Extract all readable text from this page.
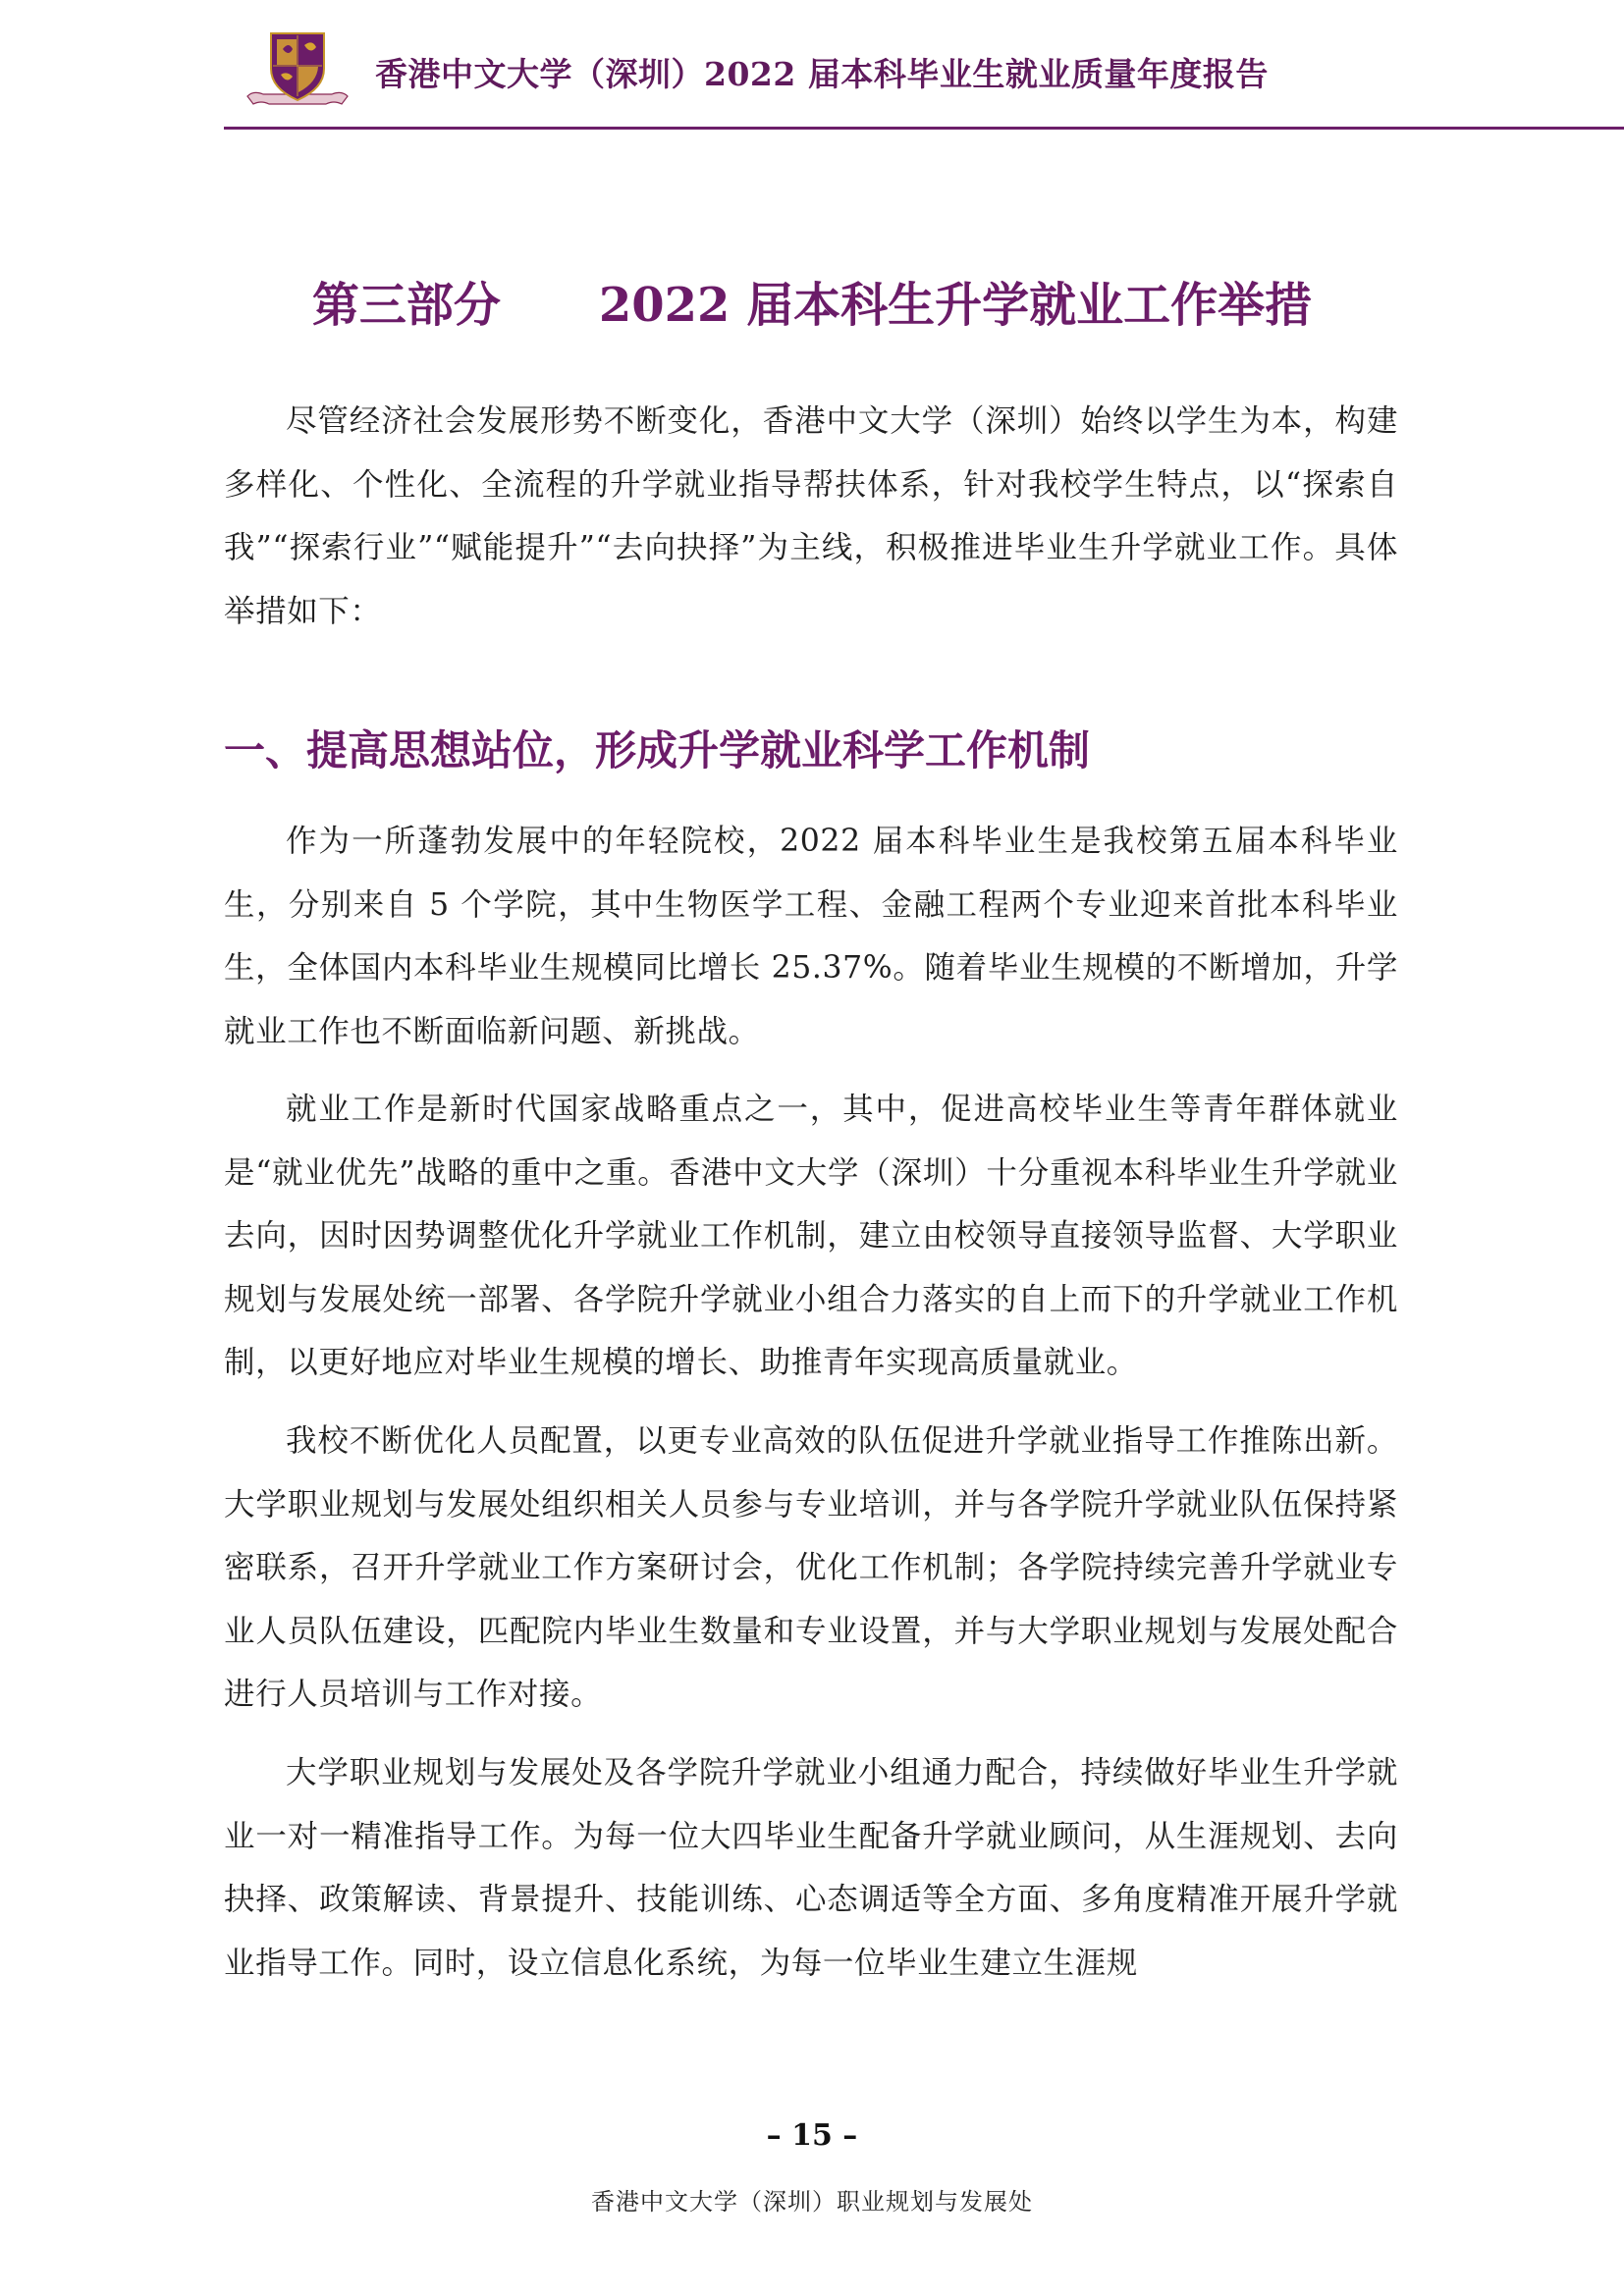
香港中文大学（深圳）2022 届本科毕业生就业质量年度报告
第三部分 2022 届本科生升学就业工作举措

尽管经济社会发展形势不断变化，香港中文大学（深圳）始终以学生为本，构建多样化、个性化、全流程的升学就业指导帮扶体系，针对我校学生特点，以“探索自我”“探索行业”“赋能提升”“去向抉择”为主线，积极推进毕业生升学就业工作。具体举措如下：

一、提高思想站位，形成升学就业科学工作机制

作为一所蓬勃发展中的年轻院校，2022 届本科毕业生是我校第五届本科毕业生，分别来自 5 个学院，其中生物医学工程、金融工程两个专业迎来首批本科毕业生，全体国内本科毕业生规模同比增长 25.37%。随着毕业生规模的不断增加，升学就业工作也不断面临新问题、新挑战。

就业工作是新时代国家战略重点之一，其中，促进高校毕业生等青年群体就业是“就业优先”战略的重中之重。香港中文大学（深圳）十分重视本科毕业生升学就业去向，因时因势调整优化升学就业工作机制，建立由校领导直接领导监督、大学职业规划与发展处统一部署、各学院升学就业小组合力落实的自上而下的升学就业工作机制，以更好地应对毕业生规模的增长、助推青年实现高质量就业。

我校不断优化人员配置，以更专业高效的队伍促进升学就业指导工作推陈出新。大学职业规划与发展处组织相关人员参与专业培训，并与各学院升学就业队伍保持紧密联系，召开升学就业工作方案研讨会，优化工作机制；各学院持续完善升学就业专业人员队伍建设，匹配院内毕业生数量和专业设置，并与大学职业规划与发展处配合进行人员培训与工作对接。

大学职业规划与发展处及各学院升学就业小组通力配合，持续做好毕业生升学就业一对一精准指导工作。为每一位大四毕业生配备升学就业顾问，从生涯规划、去向抉择、政策解读、背景提升、技能训练、心态调适等全方面、多角度精准开展升学就业指导工作。同时，设立信息化系统，为每一位毕业生建立生涯规

– 15 –
香港中文大学（深圳）职业规划与发展处
